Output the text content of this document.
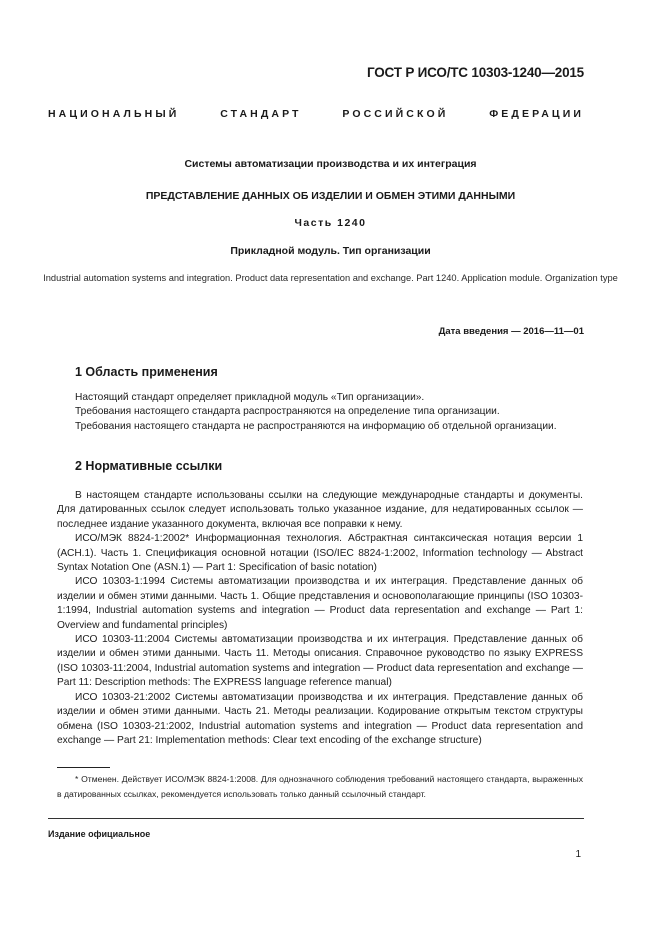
ГОСТ Р ИСО/ТС 10303-1240—2015
НАЦИОНАЛЬНЫЙ СТАНДАРТ РОССИЙСКОЙ ФЕДЕРАЦИИ
Системы автоматизации производства и их интеграция
ПРЕДСТАВЛЕНИЕ ДАННЫХ ОБ ИЗДЕЛИИ И ОБМЕН ЭТИМИ ДАННЫМИ
Часть 1240
Прикладной модуль. Тип организации
Industrial automation systems and integration. Product data representation and exchange. Part 1240. Application module. Organization type
Дата введения — 2016—11—01
1 Область применения

Настоящий стандарт определяет прикладной модуль «Тип организации».

Требования настоящего стандарта распространяются на определение типа организации.

Требования настоящего стандарта не распространяются на информацию об отдельной организации.

2 Нормативные ссылки

В настоящем стандарте использованы ссылки на следующие международные стандарты и документы. Для датированных ссылок следует использовать только указанное издание, для недатированных ссылок — последнее издание указанного документа, включая все поправки к нему.

ИСО/МЭК 8824-1:2002* Информационная технология. Абстрактная синтаксическая нотация версии 1 (АСН.1). Часть 1. Спецификация основной нотации (ISO/IEC 8824-1:2002, Information technology — Abstract Syntax Notation One (ASN.1) — Part 1: Specification of basic notation)

ИСО 10303-1:1994 Системы автоматизации производства и их интеграция. Представление данных об изделии и обмен этими данными. Часть 1. Общие представления и основополагающие принципы (ISO 10303-1:1994, Industrial automation systems and integration — Product data representation and exchange — Part 1: Overview and fundamental principles)

ИСО 10303-11:2004 Системы автоматизации производства и их интеграция. Представление данных об изделии и обмен этими данными. Часть 11. Методы описания. Справочное руководство по языку EXPRESS (ISO 10303-11:2004, Industrial automation systems and integration — Product data representation and exchange — Part 11: Description methods: The EXPRESS language reference manual)

ИСО 10303-21:2002 Системы автоматизации производства и их интеграция. Представление данных об изделии и обмен этими данными. Часть 21. Методы реализации. Кодирование открытым текстом структуры обмена (ISO 10303-21:2002, Industrial automation systems and integration — Product data representation and exchange — Part 21: Implementation methods: Clear text encoding of the exchange structure)

* Отменен. Действует ИСО/МЭК 8824-1:2008. Для однозначного соблюдения требований настоящего стандарта, выраженных в датированных ссылках, рекомендуется использовать только данный ссылочный стандарт.

Издание официальное
1
